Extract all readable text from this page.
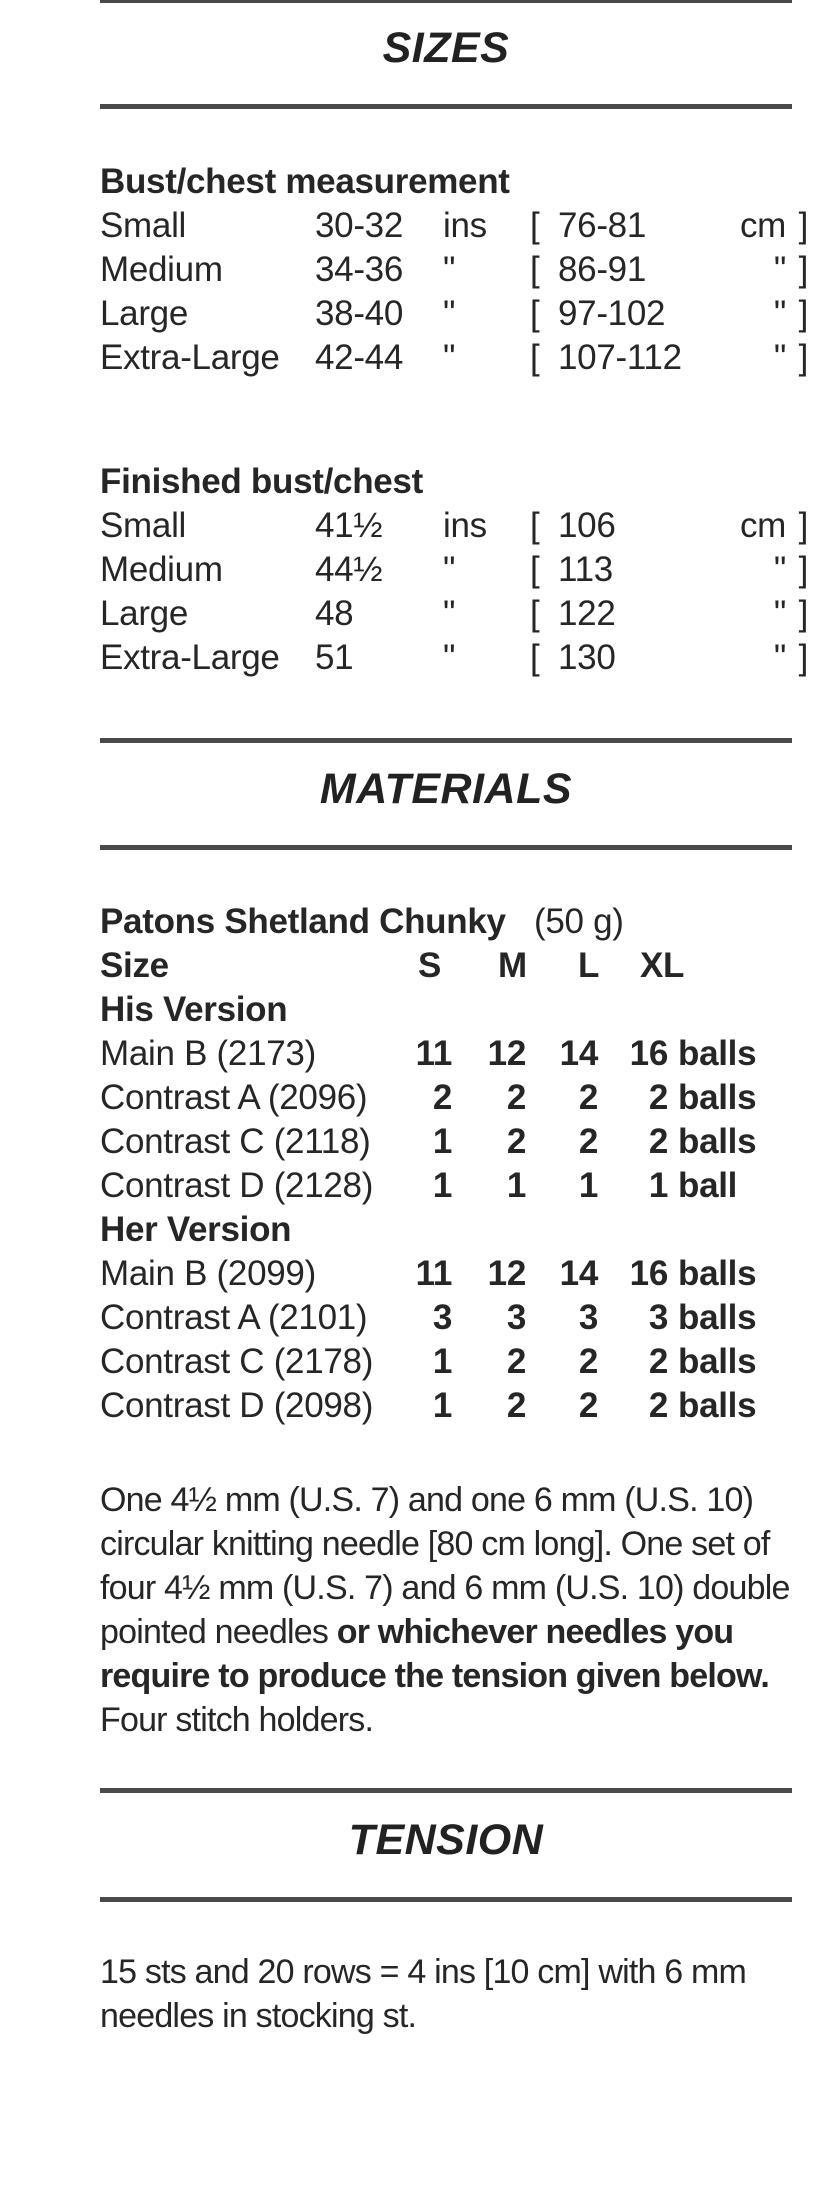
SIZES
Bust/chest measurement
Small	30-32 ins [ 76-81	cm ]
Medium	34-36 " [ 86-91	" ]
Large	38-40 " [ 97-102	" ]
Extra-Large 42-44 " [ 107-112	" ]
Finished bust/chest
Small	41½ ins [ 106	cm ]
Medium	44½ " [ 113	" ]
Large	48	" [ 122	" ]
Extra-Large 51	" [ 130	" ]
MATERIALS
Patons Shetland Chunky (50 g)
Size	S M L XL
His Version
Main B (2173)	11 12 14 16 balls
Contrast A (2096)	2	2	2	2 balls
Contrast C (2118)	1	2	2	2 balls
Contrast D (2128)	1	1	1	1 ball
Her Version
Main B (2099)	11 12 14 16 balls
Contrast A (2101)	3	3	3	3 balls
Contrast C (2178)	1	2	2	2 balls
Contrast D (2098)	1	2	2	2 balls
One 4½ mm (U.S. 7) and one 6 mm (U.S. 10) circular knitting needle [80 cm long]. One set of four 4½ mm (U.S. 7) and 6 mm (U.S. 10) double pointed needles or whichever needles you require to produce the tension given below. Four stitch holders.
TENSION
15 sts and 20 rows = 4 ins [10 cm] with 6 mm needles in stocking st.
